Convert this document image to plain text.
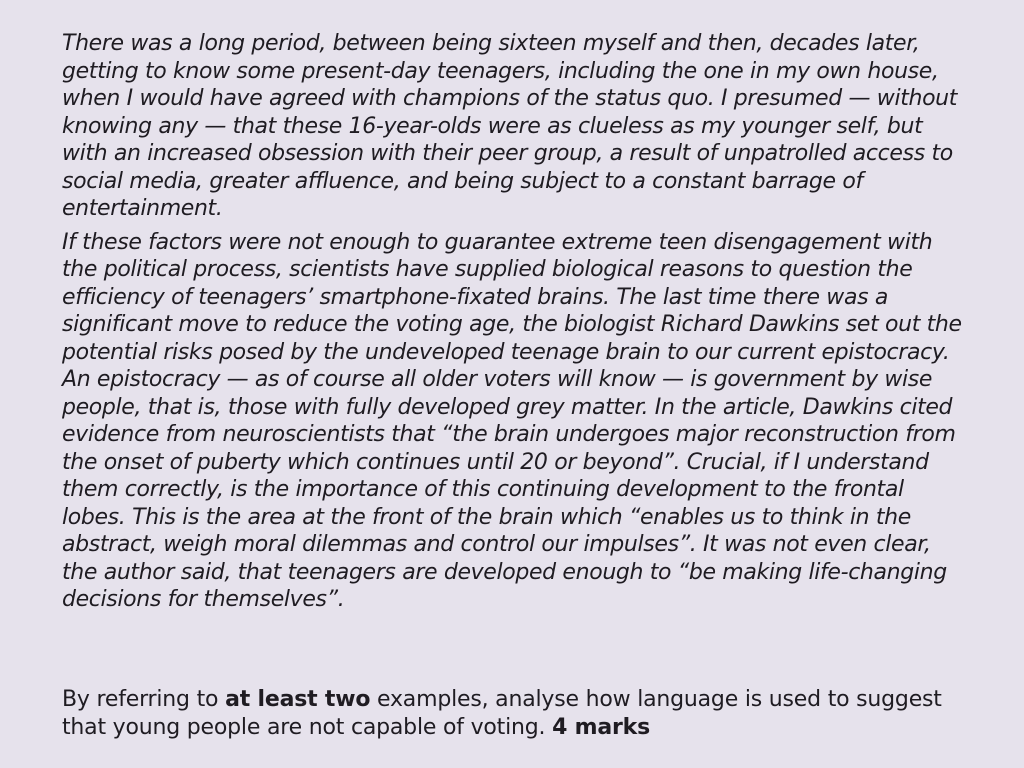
There was a long period, between being sixteen myself and then, decades later, getting to know some present-day teenagers, including the one in my own house, when I would have agreed with champions of the status quo. I presumed — without knowing any — that these 16-year-olds were as clueless as my younger self, but with an increased obsession with their peer group, a result of unpatrolled access to social media, greater affluence, and being subject to a constant barrage of entertainment.

If these factors were not enough to guarantee extreme teen disengagement with the political process, scientists have supplied biological reasons to question the efficiency of teenagers’ smartphone-fixated brains. The last time there was a significant move to reduce the voting age, the biologist Richard Dawkins set out the potential risks posed by the undeveloped teenage brain to our current epistocracy. An epistocracy — as of course all older voters will know — is government by wise people, that is, those with fully developed grey matter. In the article, Dawkins cited evidence from neuroscientists that “the brain undergoes major reconstruction from the onset of puberty which continues until 20 or beyond”. Crucial, if I understand them correctly, is the importance of this continuing development to the frontal lobes. This is the area at the front of the brain which “enables us to think in the abstract, weigh moral dilemmas and control our impulses”. It was not even clear, the author said, that teenagers are developed enough to “be making life-changing decisions for themselves”.

By referring to at least two examples, analyse how language is used to suggest that young people are not capable of voting. 4 marks
